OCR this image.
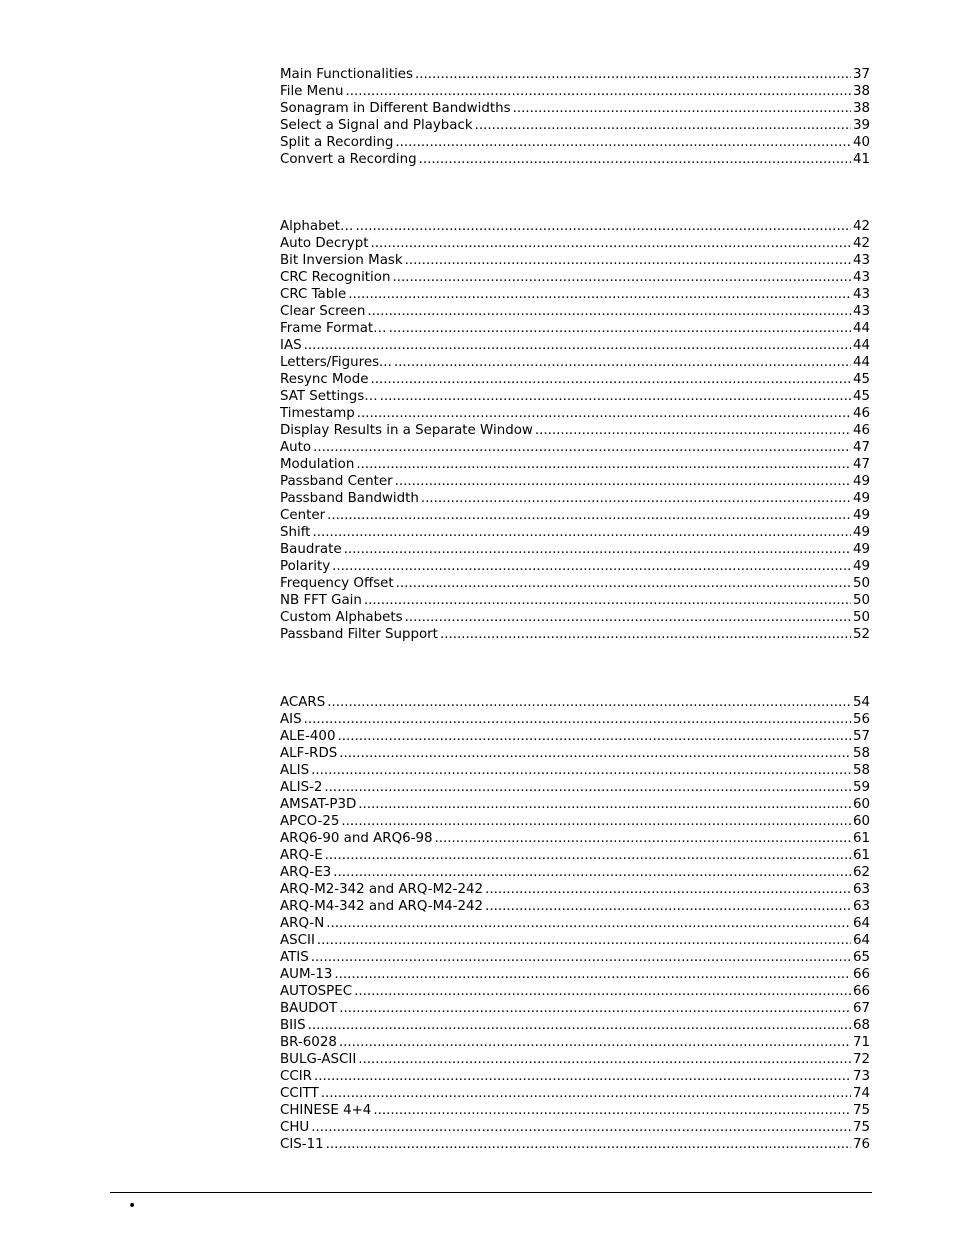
Main Functionalities .....	37
File Menu .....	38
Sonagram in Different Bandwidths .....	38
Select a Signal and Playback .....	39
Split a Recording .....	40
Convert a Recording .....	41
Alphabet… .....	42
Auto Decrypt .....	42
Bit Inversion Mask .....	43
CRC Recognition .....	43
CRC Table .....	43
Clear Screen .....	43
Frame Format… .....	44
IAS .....	44
Letters/Figures... .....	44
Resync Mode .....	45
SAT Settings… .....	45
Timestamp .....	46
Display Results in a Separate Window .....	46
Auto .....	47
Modulation .....	47
Passband Center .....	49
Passband Bandwidth .....	49
Center .....	49
Shift .....	49
Baudrate .....	49
Polarity .....	49
Frequency Offset .....	50
NB FFT Gain .....	50
Custom Alphabets .....	50
Passband Filter Support .....	52
ACARS .....	54
AIS .....	56
ALE-400 .....	57
ALF-RDS .....	58
ALIS .....	58
ALIS-2 .....	59
AMSAT-P3D .....	60
APCO-25 .....	60
ARQ6-90 and ARQ6-98 .....	61
ARQ-E .....	61
ARQ-E3 .....	62
ARQ-M2-342 and ARQ-M2-242 .....	63
ARQ-M4-342 and ARQ-M4-242 .....	63
ARQ-N .....	64
ASCII .....	64
ATIS .....	65
AUM-13 .....	66
AUTOSPEC .....	66
BAUDOT .....	67
BIIS .....	68
BR-6028 .....	71
BULG-ASCII .....	72
CCIR .....	73
CCITT .....	74
CHINESE 4+4 .....	75
CHU .....	75
CIS-11 .....	76
•
